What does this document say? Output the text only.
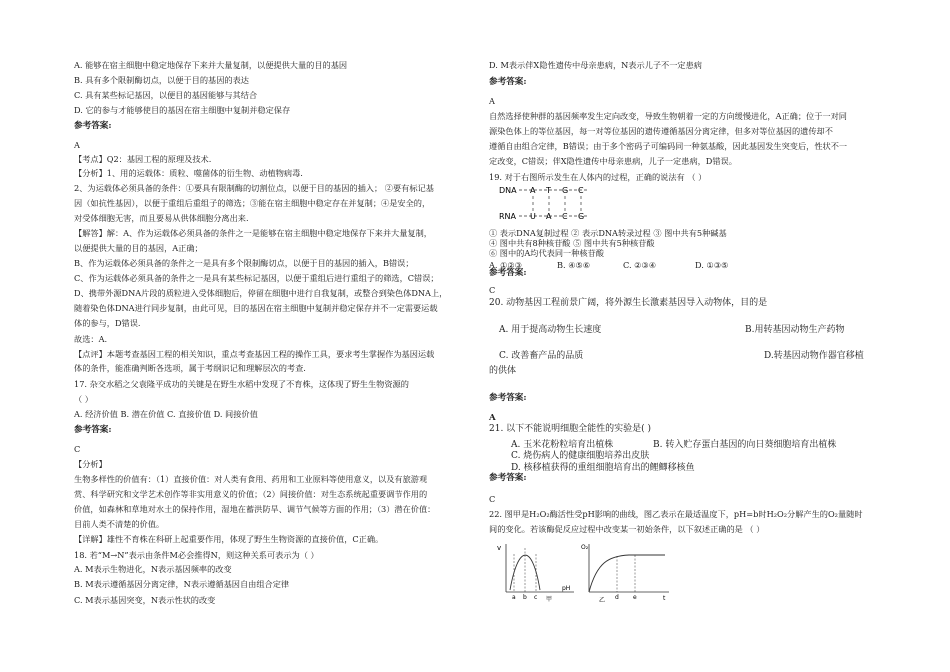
A. 能够在宿主细胞中稳定地保存下来并大量复制，以便提供大量的目的基因
B. 具有多个限制酶切点，以便于目的基因的表达
C. 具有某些标记基因，以便目的基因能够与其结合
D. 它的参与才能够使目的基因在宿主细胞中复制并稳定保存
参考答案:
A
【考点】Q2：基因工程的原理及技术.
【分析】1、用的运载体：质粒、噬菌体的衍生物、动植物病毒.
2、为运载体必须具备的条件：①要具有限制酶的切割位点，以便于目的基因的插入； ②要有标记基
因（如抗性基因），以便于重组后重组子的筛选；③能在宿主细胞中稳定存在并复制；④是安全的，
对受体细胞无害，而且要易从供体细胞分离出来.
【解答】解：A、作为运载体必须具备的条件之一是能够在宿主细胞中稳定地保存下来并大量复制，
以便提供大量的目的基因，A正确；
B、作为运载体必须具备的条件之一是具有多个限制酶切点，以便于目的基因的插入，B错误；
C、作为运载体必须具备的条件之一是具有某些标记基因，以便于重组后进行重组子的筛选，C错误；
D、携带外源DNA片段的质粒进入受体细胞后，停留在细胞中进行自我复制，或整合到染色体DNA上，
随着染色体DNA进行同步复制，由此可见，目的基因在宿主细胞中复制并稳定保存并不一定需要运载
体的参与，D错误.
故选：A.
【点评】本题考查基因工程的相关知识，重点考查基因工程的操作工具，要求考生掌握作为基因运载
体的条件，能准确判断各选项，属于考纲识记和理解层次的考查.
17. 杂交水稻之父袁隆平成功的关键是在野生水稻中发现了不育株，这体现了野生生物资源的
（ ）
A. 经济价值 B. 潜在价值 C. 直接价值 D. 间接价值
参考答案:
C
【分析】
生物多样性的价值有：（1）直接价值：对人类有食用、药用和工业原料等使用意义，以及有旅游观
赏、科学研究和文学艺术创作等非实用意义的价值；（2）间接价值：对生态系统起重要调节作用的
价值，如森林和草地对水土的保持作用，湿地在蓄洪防旱、调节气候等方面的作用；（3）潜在价值：
目前人类不清楚的价值。
【详解】雄性不育株在科研上起重要作用，体现了野生生物资源的直接价值，C正确。
18. 若“M→N”表示由条件M必会推得N，则这种关系可表示为（ ）
A. M表示生物进化，N表示基因频率的改变
B. M表示遵循基因分离定律，N表示遵循基因自由组合定律
C. M表示基因突变，N表示性状的改变
DNA
RNA
A
U
T
A
G
C
C
G
v
pH
a b c 甲
O₂
t
d e
乙
D. M表示伴X隐性遗传中母亲患病，N表示儿子不一定患病
参考答案:
A
自然选择使种群的基因频率发生定向改变，导致生物朝着一定的方向缓慢进化，A正确；位于一对同
源染色体上的等位基因，每一对等位基因的遗传遵循基因分离定律，但多对等位基因的遗传却不
遵循自由组合定律，B错误；由于多个密码子可编码同一种氨基酸，因此基因发生突变后，性状不一
定改变，C错误；伴X隐性遗传中母亲患病，儿子一定患病，D错误。
19. 对于右图所示发生在人体内的过程，正确的说法有 （ ）
① 表示DNA复制过程 ② 表示DNA转录过程 ③ 图中共有5种碱基
④ 图中共有8种核苷酸 ⑤ 图中共有5种核苷酸
⑥ 图中的A均代表同一种核苷酸
A. ①②③	B. ④⑤⑥	C. ②③④	D. ①③⑤
参考答案:
C
20. 动物基因工程前景广阔，将外源生长激素基因导入动物体，目的是
A. 用于提高动物生长速度	B.用转基因动物生产药物
C. 改善畜产品的品质	D.转基因动物作器官移植
的供体
参考答案:
A
21. 以下不能说明细胞全能性的实验是( )
A. 玉米花粉粒培育出植株	B. 转入贮存蛋白基因的向日葵细胞培育出植株
C. 烧伤病人的健康细胞培养出皮肤
D. 核移植获得的重组细胞培育出的鲤鲫移核鱼
参考答案:
C
22. 图甲是H₂O₂酶活性受pH影响的曲线，图乙表示在最适温度下，pH=b时H₂O₂分解产生的O₂量随时
间的变化。若该酶促反应过程中改变某一初始条件，以下叙述正确的是 （ ）
